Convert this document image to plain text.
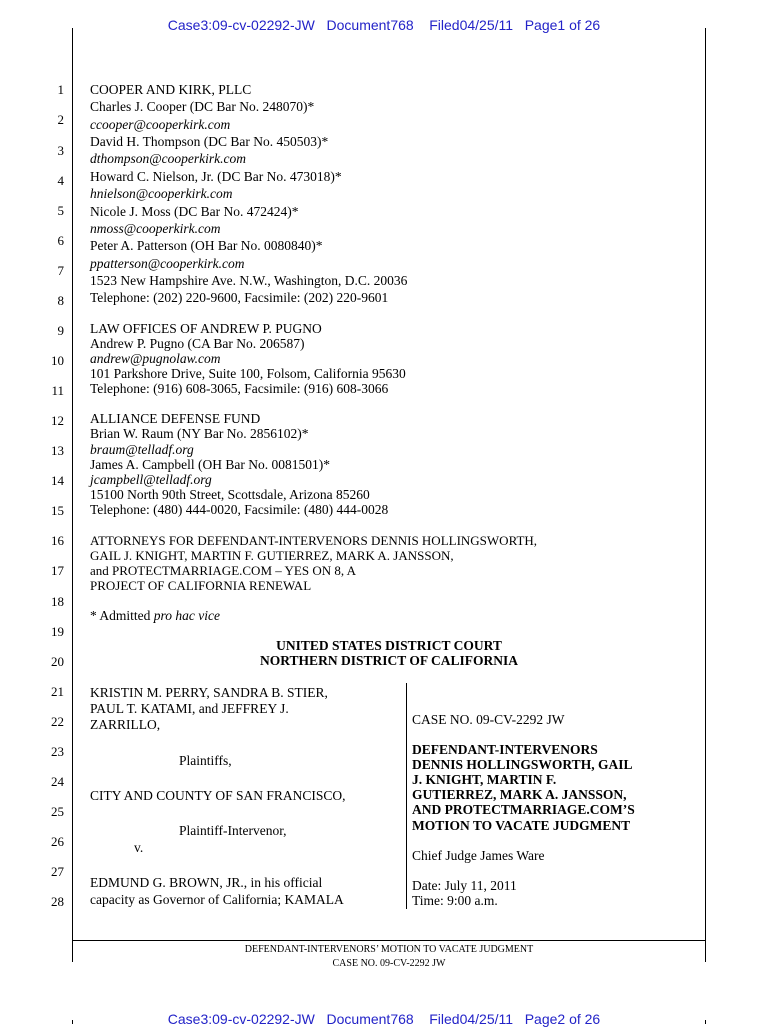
Case3:09-cv-02292-JW   Document768    Filed04/25/11   Page1 of 26
1
2
3
4
5
6
7
8
9
10
11
12
13
14
15
16
17
18
19
20
21
22
23
24
25
26
27
28
COOPER AND KIRK, PLLC
Charles J. Cooper (DC Bar No. 248070)*
ccooper@cooperkirk.com
David H. Thompson (DC Bar No. 450503)*
dthompson@cooperkirk.com
Howard C. Nielson, Jr. (DC Bar No. 473018)*
hnielson@cooperkirk.com
Nicole J. Moss (DC Bar No. 472424)*
nmoss@cooperkirk.com
Peter A. Patterson (OH Bar No. 0080840)*
ppatterson@cooperkirk.com
1523 New Hampshire Ave. N.W., Washington, D.C. 20036
Telephone: (202) 220-9600, Facsimile: (202) 220-9601
LAW OFFICES OF ANDREW P. PUGNO
Andrew P. Pugno (CA Bar No. 206587)
andrew@pugnolaw.com
101 Parkshore Drive, Suite 100, Folsom, California 95630
Telephone: (916) 608-3065, Facsimile: (916) 608-3066
ALLIANCE DEFENSE FUND
Brian W. Raum (NY Bar No. 2856102)*
braum@telladf.org
James A. Campbell (OH Bar No. 0081501)*
jcampbell@telladf.org
15100 North 90th Street, Scottsdale, Arizona 85260
Telephone: (480) 444-0020, Facsimile: (480) 444-0028
ATTORNEYS FOR DEFENDANT-INTERVENORS DENNIS HOLLINGSWORTH,
GAIL J. KNIGHT, MARTIN F. GUTIERREZ, MARK A. JANSSON,
and PROTECTMARRIAGE.COM – YES ON 8, A
PROJECT OF CALIFORNIA RENEWAL
* Admitted pro hac vice
UNITED STATES DISTRICT COURT
NORTHERN DISTRICT OF CALIFORNIA
KRISTIN M. PERRY, SANDRA B. STIER,
PAUL T. KATAMI, and JEFFREY J.
ZARRILLO,
Plaintiffs,
CITY AND COUNTY OF SAN FRANCISCO,
Plaintiff-Intervenor,
v.
EDMUND G. BROWN, JR., in his official
capacity as Governor of California; KAMALA
CASE NO. 09-CV-2292 JW
DEFENDANT-INTERVENORS
DENNIS HOLLINGSWORTH, GAIL
J. KNIGHT, MARTIN F.
GUTIERREZ, MARK A. JANSSON,
AND PROTECTMARRIAGE.COM’S
MOTION TO VACATE JUDGMENT
Chief Judge James Ware
Date: July 11, 2011
Time: 9:00 a.m.
DEFENDANT-INTERVENORS’ MOTION TO VACATE JUDGMENT
CASE NO. 09-CV-2292 JW
Case3:09-cv-02292-JW   Document768    Filed04/25/11   Page2 of 26
